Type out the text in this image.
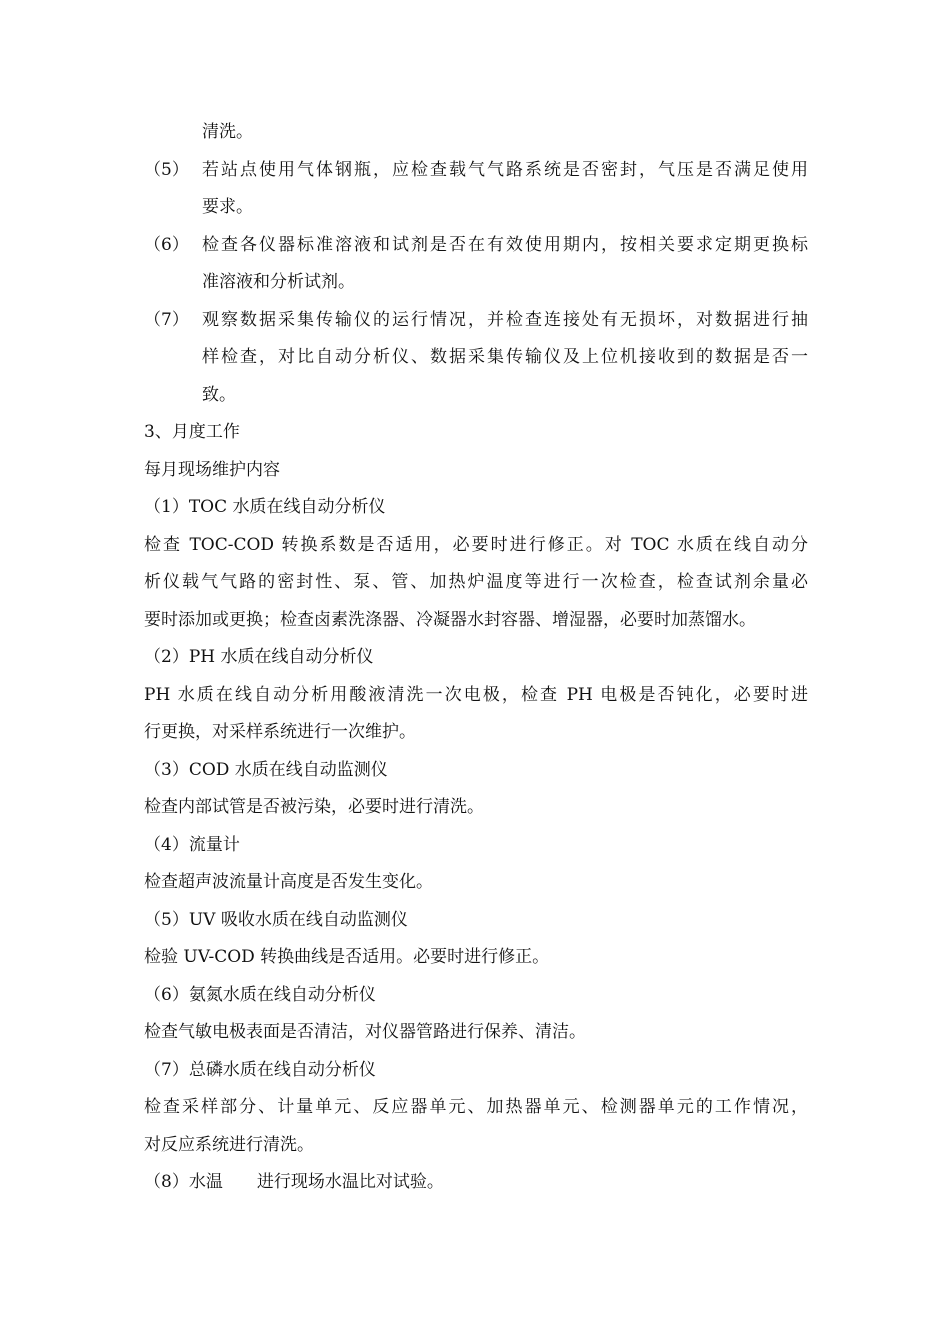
清洗。
（5） 若站点使用气体钢瓶，应检查载气气路系统是否密封，气压是否满足使用
要求。
（6） 检查各仪器标准溶液和试剂是否在有效使用期内，按相关要求定期更换标
准溶液和分析试剂。
（7） 观察数据采集传输仪的运行情况，并检查连接处有无损坏，对数据进行抽
样检查，对比自动分析仪、数据采集传输仪及上位机接收到的数据是否一
致。
3、月度工作
每月现场维护内容
（1）TOC 水质在线自动分析仪
检查 TOC-COD 转换系数是否适用，必要时进行修正。对 TOC 水质在线自动分
析仪载气气路的密封性、泵、管、加热炉温度等进行一次检查，检查试剂余量必
要时添加或更换；检查卤素洗涤器、冷凝器水封容器、增湿器，必要时加蒸馏水。
（2）PH 水质在线自动分析仪
PH 水质在线自动分析用酸液清洗一次电极，检查 PH 电极是否钝化，必要时进
行更换，对采样系统进行一次维护。
（3）COD 水质在线自动监测仪
检查内部试管是否被污染，必要时进行清洗。
（4）流量计
检查超声波流量计高度是否发生变化。
（5）UV 吸收水质在线自动监测仪
检验 UV-COD 转换曲线是否适用。必要时进行修正。
（6）氨氮水质在线自动分析仪
检查气敏电极表面是否清洁，对仪器管路进行保养、清洁。
（7）总磷水质在线自动分析仪
检查采样部分、计量单元、反应器单元、加热器单元、检测器单元的工作情况，
对反应系统进行清洗。
（8）水温 进行现场水温比对试验。
